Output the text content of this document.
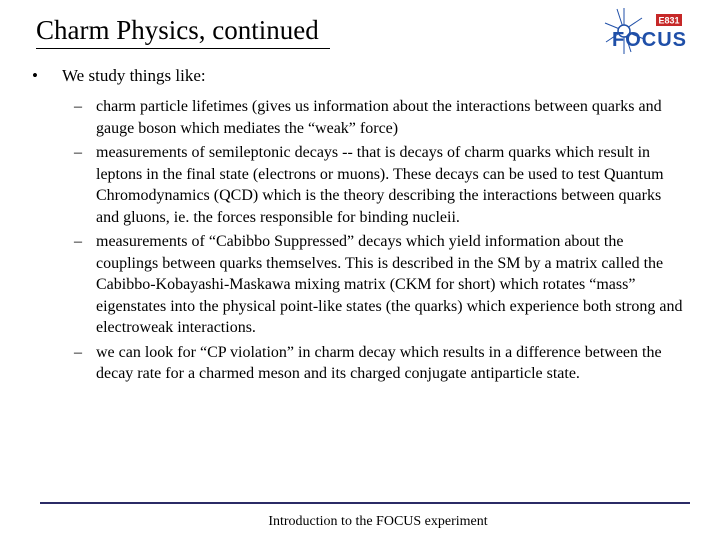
Charm Physics, continued	E831
FOCUS
• We study things like:
– charm particle lifetimes (gives us information about the interactions between quarks and gauge boson which mediates the “weak” force)
– measurements of semileptonic decays -- that is decays of charm quarks which result in leptons in the final state (electrons or muons). These decays can be used to test Quantum Chromodynamics (QCD) which is the theory describing the interactions between quarks and gluons, ie. the forces responsible for binding nucleii.
– measurements of “Cabibbo Suppressed” decays which yield information about the couplings between quarks themselves. This is described in the SM by a matrix called the Cabibbo-Kobayashi-Maskawa mixing matrix (CKM for short) which rotates “mass” eigenstates into the physical point-like states (the quarks) which experience both strong and electroweak interactions.
– we can look for “CP violation” in charm decay which results in a difference between the decay rate for a charmed meson and its charged conjugate antiparticle state.
Introduction to the FOCUS experiment
